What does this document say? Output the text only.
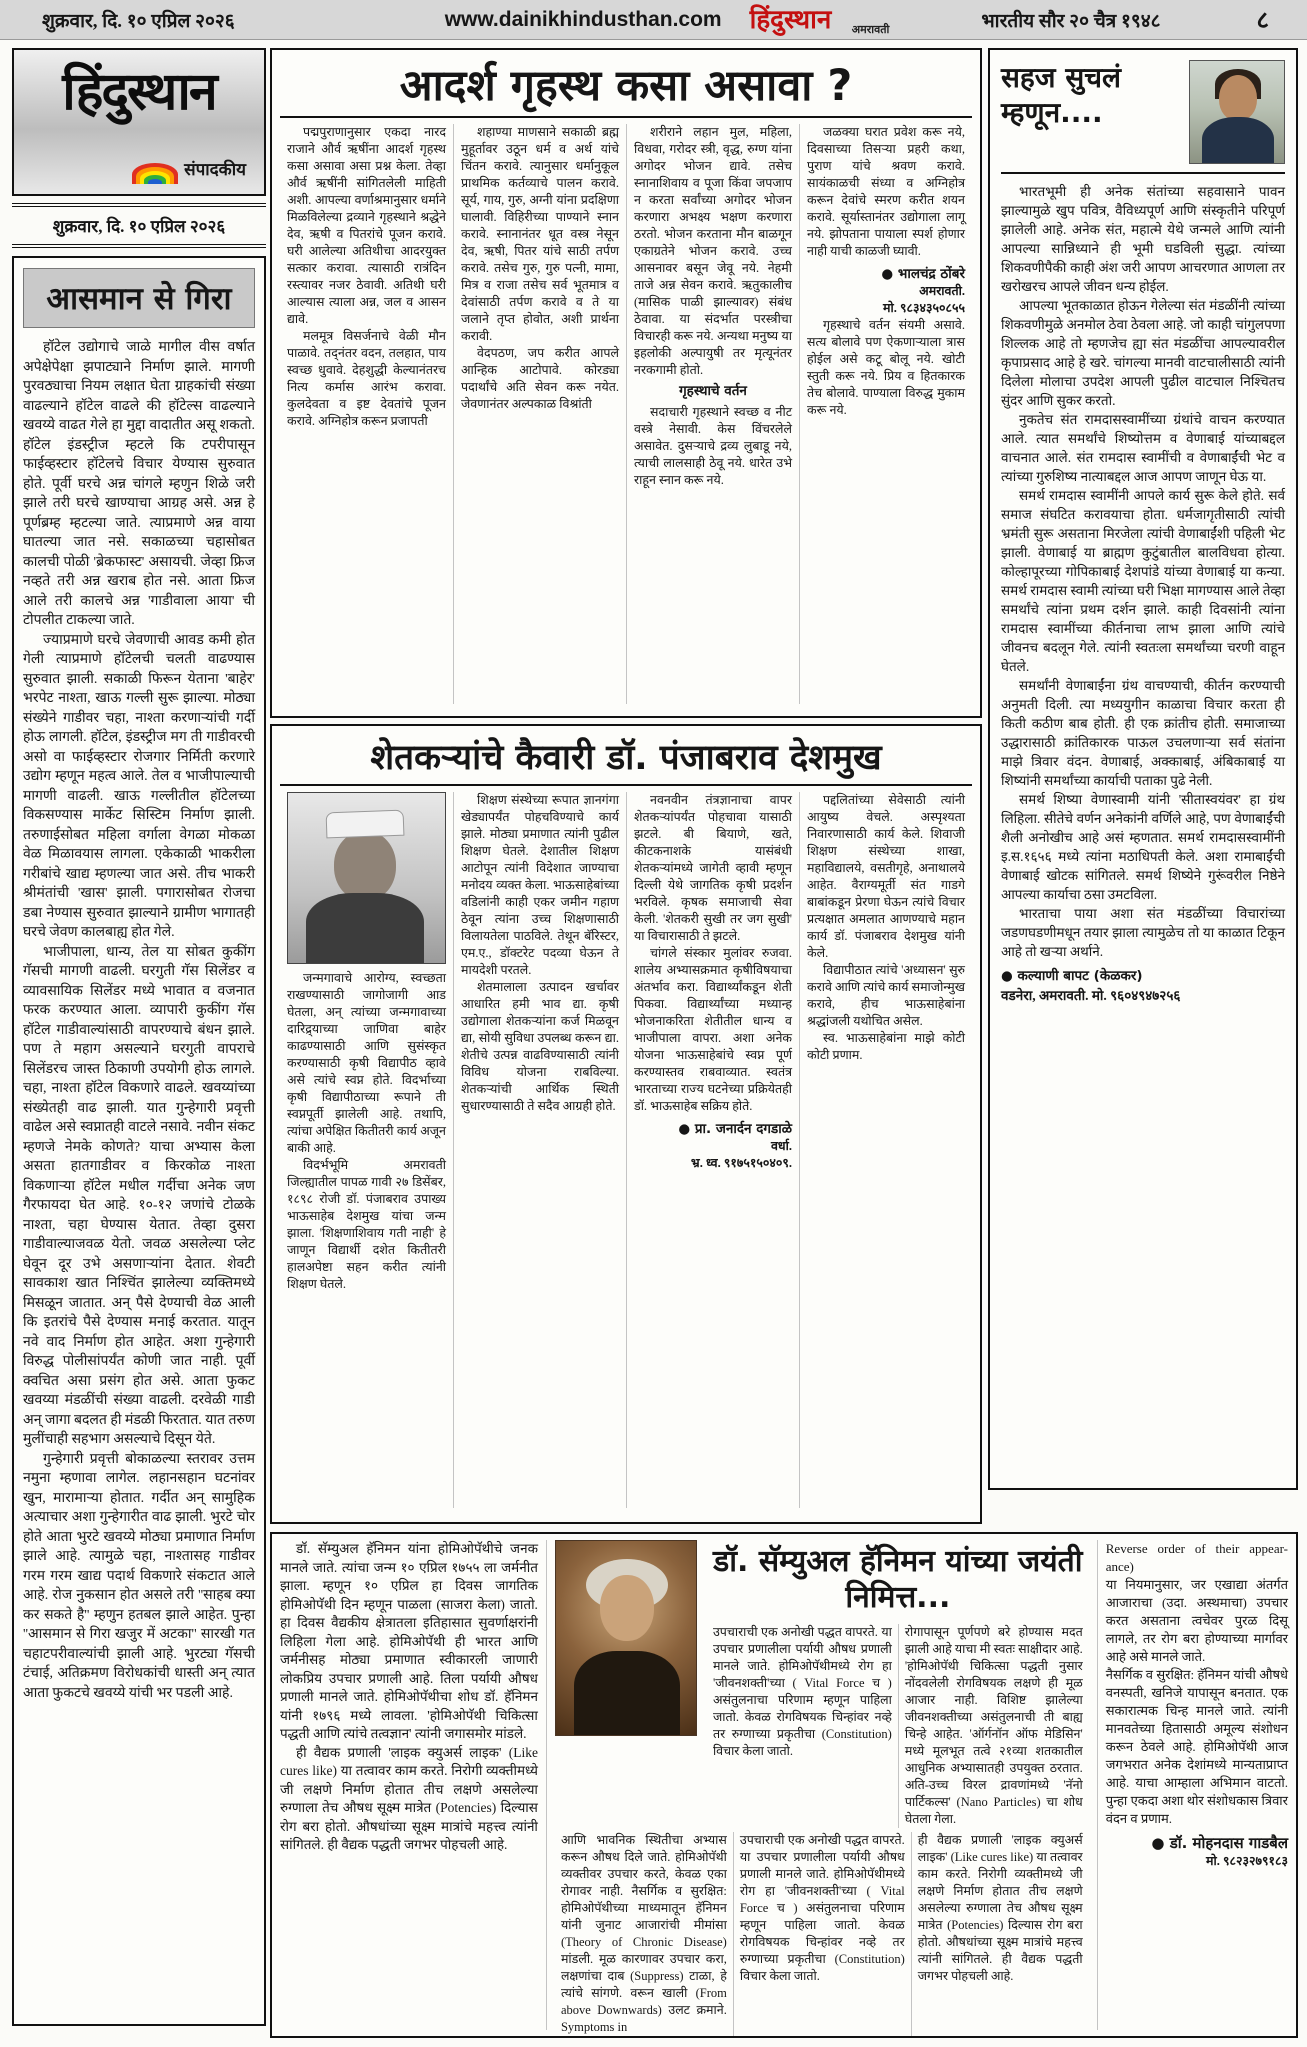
शुक्रवार, दि. १० एप्रिल २०२६	www.dainikhindusthan.com हिंदुस्थान अमरावती	भारतीय सौर २० चैत्र १९४८	८
हिंदुस्थान
संपादकीय
शुक्रवार, दि. १० एप्रिल २०२६
आसमान से गिरा

हॉटेल उद्योगाचे जाळे मागील वीस वर्षात अपेक्षेपेक्षा झपाट्याने निर्माण झाले. मागणी पुरवठ्याचा नियम लक्षात घेता ग्राहकांची संख्या वाढल्याने हॉटेल वाढले की हॉटेल्स वाढल्याने खवय्ये वाढत गेले हा मुद्दा वादातीत असू शकतो. हॉटेल इंडस्ट्रीज म्हटले कि टपरीपासून फाईव्हस्टार हॉटेलचे विचार येण्यास सुरुवात होते. पूर्वी घरचे अन्न चांगले म्हणुन शिळे जरी झाले तरी घरचे खाण्याचा आग्रह असे. अन्न हे पूर्णब्रम्ह म्हटल्या जाते. त्याप्रमाणे अन्न वाया घातल्या जात नसे. सकाळच्या चहासोबत कालची पोळी 'ब्रेकफास्ट' असायची. जेव्हा फ्रिज नव्हते तरी अन्न खराब होत नसे. आता फ्रिज आले तरी कालचे अन्न 'गाडीवाला आया' ची टोपलीत टाकल्या जाते.

ज्याप्रमाणे घरचे जेवणाची आवड कमी होत गेली त्याप्रमाणे हॉटेलची चलती वाढण्यास सुरुवात झाली. सकाळी फिरून येताना 'बाहेर' भरपेट नाश्ता, खाऊ गल्ली सुरू झाल्या. मोठ्या संख्येने गाडीवर चहा, नाश्ता करणाऱ्यांची गर्दी होऊ लागली. हॉटेल, इंडस्ट्रीज मग ती गाडीवरची असो वा फाईव्हस्टार रोजगार निर्मिती करणारे उद्योग म्हणून महत्व आले. तेल व भाजीपाल्याची मागणी वाढली. खाऊ गल्लीतील हॉटेलच्या विकसण्यास मार्केट सिस्टिम निर्माण झाली. तरुणाईसोबत महिला वर्गाला वेगळा मोकळा वेळ मिळावयास लागला. एकेकाळी भाकरीला गरीबांचे खाद्य म्हणल्या जात असे. तीच भाकरी श्रीमंतांची 'खास' झाली. पगारासोबत रोजचा डबा नेण्यास सुरुवात झाल्याने ग्रामीण भागातही घरचे जेवण कालबाह्य होत गेले.

भाजीपाला, धान्य, तेल या सोबत कुकींग गॅसची मागणी वाढली. घरगुती गॅस सिलेंडर व व्यावसायिक सिलेंडर मध्ये भावात व वजनात फरक करण्यात आला. व्यापारी कुकींग गॅस हॉटेल गाडीवाल्यांसाठी वापरण्याचे बंधन झाले. पण ते महाग असल्याने घरगुती वापराचे सिलेंडरच जास्त ठिकाणी उपयोगी होऊ लागले. चहा, नाश्ता हॉटेल विकणारे वाढले. खवय्यांच्या संख्येतही वाढ झाली. यात गुन्हेगारी प्रवृत्ती वाढेल असे स्वप्नातही वाटले नसावे. नवीन संकट म्हणजे नेमके कोणते? याचा अभ्यास केला असता हातगाडीवर व किरकोळ नाश्ता विकणाऱ्या हॉटेल मधील गर्दीचा अनेक जण गैरफायदा घेत आहे. १०-१२ जणांचे टोळके नाश्ता, चहा घेण्यास येतात. तेव्हा दुसरा गाडीवाल्याजवळ येतो. जवळ असलेल्या प्लेट घेवून दूर उभे असणाऱ्यांना देतात. शेवटी सावकाश खात निश्चिंत झालेल्या व्यक्तिमध्ये मिसळून जातात. अन् पैसे देण्याची वेळ आली कि इतरांचे पैसे देण्यास मनाई करतात. यातून नवे वाद निर्माण होत आहेत. अशा गुन्हेगारी विरुद्ध पोलीसांपर्यंत कोणी जात नाही. पूर्वी क्वचित असा प्रसंग होत असे. आता फुकट खवय्या मंडळींची संख्या वाढली. दरवेळी गाडी अन् जागा बदलत ही मंडळी फिरतात. यात तरुण मुलींचाही सहभाग असल्याचे दिसून येते.

गुन्हेगारी प्रवृत्ती बोकाळल्या स्तरावर उत्तम नमुना म्हणावा लागेल. लहानसहान घटनांवर खुन, मारामाऱ्या होतात. गर्दीत अन् सामुहिक अत्याचार अशा गुन्हेगारीत वाढ झाली. भुरटे चोर होते आता भुरटे खवय्ये मोठ्या प्रमाणात निर्माण झाले आहे. त्यामुळे चहा, नाश्तासह गाडीवर गरम गरम खाद्य पदार्थ विकणारे संकटात आले आहे. रोज नुकसान होत असले तरी ''साहब क्या कर सकते है'' म्हणुन हतबल झाले आहेत. पुन्हा ''आसमान से गिरा खजुर में अटका'' सारखी गत चहाटपरीवाल्यांची झाली आहे. भुरट्या गॅसची टंचाई, अतिक्रमण विरोधकांची धास्ती अन् त्यात आता फुकटचे खवय्ये यांची भर पडली आहे.

आदर्श गृहस्थ कसा असावा ?

पद्मपुराणानुसार एकदा नारद राजाने और्व ऋषींना आदर्श गृहस्थ कसा असावा असा प्रश्न केला. तेव्हा और्व ऋषींनी सांगितलेली माहिती अशी. आपल्या वर्णाश्रमानुसार धर्माने मिळविलेल्या द्रव्याने गृहस्थाने श्रद्धेने देव, ऋषी व पितरांचे पूजन करावे. घरी आलेल्या अतिथीचा आदरयुक्त सत्कार करावा. त्यासाठी रात्रंदिन रस्त्यावर नजर ठेवावी. अतिथी घरी आल्यास त्याला अन्न, जल व आसन द्यावे.

मलमूत्र विसर्जनाचे वेळी मौन पाळावे. तद्नंतर वदन, तलहात, पाय स्वच्छ धुवावे. देहशुद्धी केल्यानंतरच नित्य कर्मास आरंभ करावा. कुलदेवता व इष्ट देवतांचे पूजन करावे. अग्निहोत्र करून प्रजापती

शहाण्या माणसाने सकाळी ब्रह्म मुहूर्तावर उठून धर्म व अर्थ यांचे चिंतन करावे. त्यानुसार धर्मानुकूल प्राथमिक कर्तव्याचे पालन करावे. सूर्य, गाय, गुरु, अग्नी यांना प्रदक्षिणा घालावी. विहिरीच्या पाण्याने स्नान करावे. स्नानानंतर धूत वस्त्र नेसून देव, ऋषी, पितर यांचे साठी तर्पण करावे. तसेच गुरु, गुरु पत्नी, मामा, मित्र व राजा तसेच सर्व भूतमात्र व देवांसाठी तर्पण करावे व ते या जलाने तृप्त होवोत, अशी प्रार्थना करावी.

वेदपठण, जप करीत आपले आन्हिक आटोपावे. कोरड्या पदार्थांचे अति सेवन करू नयेत. जेवणानंतर अल्पकाळ विश्रांती

शरीराने लहान मुल, महिला, विधवा, गरोदर स्त्री, वृद्ध, रुग्ण यांना अगोदर भोजन द्यावे. तसेच स्नानाशिवाय व पूजा किंवा जपजाप न करता सर्वांच्या अगोदर भोजन करणारा अभक्ष्य भक्षण करणारा ठरतो. भोजन करताना मौन बाळगून एकाग्रतेने भोजन करावे. उच्च आसनावर बसून जेवू नये. नेहमी ताजे अन्न सेवन करावे. ऋतुकालीच (मासिक पाळी झाल्यावर) संबंध ठेवावा. या संदर्भात परस्त्रीचा विचारही करू नये. अन्यथा मनुष्य या इहलोकी अल्पायुषी तर मृत्यूनंतर नरकगामी होतो.

गृहस्थाचे वर्तन

सदाचारी गृहस्थाने स्वच्छ व नीट वस्त्रे नेसावी. केस विंचरलेले असावेत. दुसऱ्याचे द्रव्य लुबाडू नये, त्याची लालसाही ठेवू नये. धारेत उभे राहून स्नान करू नये.

जळक्या घरात प्रवेश करू नये, दिवसाच्या तिसऱ्या प्रहरी कथा, पुराण यांचे श्रवण करावे. सायंकाळची संध्या व अग्निहोत्र करून देवांचे स्मरण करीत शयन करावे. सूर्यास्तानंतर उद्योगाला लागू नये. झोपताना पायाला स्पर्श होणार नाही याची काळजी घ्यावी.

● भालचंद्र ठोंबरे

अमरावती.

मो. ९८३४३५०८५५

गृहस्थाचे वर्तन संयमी असावे. सत्य बोलावे पण ऐकणाऱ्याला त्रास होईल असे कटू बोलू नये. खोटी स्तुती करू नये. प्रिय व हितकारक तेच बोलावे. पाण्याला विरुद्ध मुकाम करू नये.

सहज सुचलं
म्हणून....

भारतभूमी ही अनेक संतांच्या सहवासाने पावन झाल्यामुळे खुप पवित्र, वैविध्यपूर्ण आणि संस्कृतीने परिपूर्ण झालेली आहे. अनेक संत, महात्मे येथे जन्मले आणि त्यांनी आपल्या सान्निध्याने ही भूमी घडविली सुद्धा. त्यांच्या शिकवणीपैकी काही अंश जरी आपण आचरणात आणला तर खरोखरच आपले जीवन धन्य होईल.

आपल्या भूतकाळात होऊन गेलेल्या संत मंडळींनी त्यांच्या शिकवणीमुळे अनमोल ठेवा ठेवला आहे. जो काही चांगुलपणा शिल्लक आहे तो म्हणजेच ह्या संत मंडळींचा आपल्यावरील कृपाप्रसाद आहे हे खरे. चांगल्या मानवी वाटचालीसाठी त्यांनी दिलेला मोलाचा उपदेश आपली पुढील वाटचाल निश्चितच सुंदर आणि सुकर करतो.

नुकतेच संत रामदासस्वामींच्या ग्रंथांचे वाचन करण्यात आले. त्यात समर्थांचे शिष्योत्तम व वेणाबाई यांच्याबद्दल वाचनात आले. संत रामदास स्वामींची व वेणाबाईंची भेट व त्यांच्या गुरुशिष्य नात्याबद्दल आज आपण जाणून घेऊ या.

समर्थ रामदास स्वामींनी आपले कार्य सुरू केले होते. सर्व समाज संघटित करावयाचा होता. धर्मजागृतीसाठी त्यांची भ्रमंती सुरू असताना मिरजेला त्यांची वेणाबाईंशी पहिली भेट झाली. वेणाबाई या ब्राह्मण कुटुंबातील बालविधवा होत्या. कोल्हापूरच्या गोपिकाबाई देशपांडे यांच्या वेणाबाई या कन्या. समर्थ रामदास स्वामी त्यांच्या घरी भिक्षा मागण्यास आले तेव्हा समर्थांचे त्यांना प्रथम दर्शन झाले. काही दिवसांनी त्यांना रामदास स्वामींच्या कीर्तनाचा लाभ झाला आणि त्यांचे जीवनच बदलून गेले. त्यांनी स्वतःला समर्थांच्या चरणी वाहून घेतले.

समर्थांनी वेणाबाईंना ग्रंथ वाचण्याची, कीर्तन करण्याची अनुमती दिली. त्या मध्ययुगीन काळाचा विचार करता ही किती कठीण बाब होती. ही एक क्रांतीच होती. समाजाच्या उद्धारासाठी क्रांतिकारक पाऊल उचलणाऱ्या सर्व संतांना माझे त्रिवार वंदन. वेणाबाई, अक्काबाई, अंबिकाबाई या शिष्यांनी समर्थांच्या कार्याची पताका पुढे नेली.

समर्थ शिष्या वेणास्वामी यांनी 'सीतास्वयंवर' हा ग्रंथ लिहिला. सीतेचे वर्णन अनेकांनी वर्णिले आहे, पण वेणाबाईंची शैली अनोखीच आहे असं म्हणतात. समर्थ रामदासस्वामींनी इ.स.१६५६ मध्ये त्यांना मठाधिपती केले. अशा रामाबाईंची वेणाबाई खोटक सांगितले. समर्थ शिष्येने गुरूंवरील निष्ठेने आपल्या कार्याचा ठसा उमटविला.

भारताचा पाया अशा संत मंडळींच्या विचारांच्या जडणघडणीमधून तयार झाला त्यामुळेच तो या काळात टिकून आहे तो खऱ्या अर्थाने.

● कल्याणी बापट (केळकर)

वडनेरा, अमरावती. मो. ९६०४९४७२५६

शेतकऱ्यांचे कैवारी डॉ. पंजाबराव देशमुख

जन्मगावाचे आरोग्य, स्वच्छता राखण्यासाठी जागोजागी आड घेतला, अन् त्यांच्या जन्मगावाच्या दारिद्र्याच्या जाणिवा बाहेर काढण्यासाठी आणि सुसंस्कृत करण्यासाठी कृषी विद्यापीठ व्हावे असे त्यांचे स्वप्न होते. विदर्भाच्या कृषी विद्यापीठाच्या रूपाने ती स्वप्नपूर्ती झालेली आहे. तथापि, त्यांचा अपेक्षित कितीतरी कार्य अजून बाकी आहे.

विदर्भभूमि अमरावती जिल्ह्यातील पापळ गावी २७ डिसेंबर, १८९८ रोजी डॉ. पंजाबराव उपाख्य भाऊसाहेब देशमुख यांचा जन्म झाला. 'शिक्षणाशिवाय गती नाही' हे जाणून विद्यार्थी दशेत कितीतरी हालअपेष्टा सहन करीत त्यांनी शिक्षण घेतले.

शिक्षण संस्थेच्या रूपात ज्ञानगंगा खेड्यापर्यंत पोहचविण्याचे कार्य झाले. मोठ्या प्रमाणात त्यांनी पुढील शिक्षण घेतले. देशातील शिक्षण आटोपून त्यांनी विदेशात जाण्याचा मनोदय व्यक्त केला. भाऊसाहेबांच्या वडिलांनी काही एकर जमीन गहाण ठेवून त्यांना उच्च शिक्षणासाठी विलायतेला पाठविले. तेथून बॅरिस्टर, एम.ए., डॉक्टरेट पदव्या घेऊन ते मायदेशी परतले.

शेतमालाला उत्पादन खर्चावर आधारित हमी भाव द्या. कृषी उद्योगाला शेतकऱ्यांना कर्ज मिळवून द्या, सोयी सुविधा उपलब्ध करून द्या. शेतीचे उत्पन्न वाढविण्यासाठी त्यांनी विविध योजना राबविल्या. शेतकऱ्यांची आर्थिक स्थिती सुधारण्यासाठी ते सदैव आग्रही होते.

नवनवीन तंत्रज्ञानाचा वापर शेतकऱ्यांपर्यंत पोहचावा यासाठी झटले. बी बियाणे, खते, कीटकनाशके यासंबंधी शेतकऱ्यांमध्ये जागेती व्हावी म्हणून दिल्ली येथे जागतिक कृषी प्रदर्शन भरविले. कृषक समाजाची सेवा केली. 'शेतकरी सुखी तर जग सुखी' या विचारासाठी ते झटले.

चांगले संस्कार मुलांवर रुजवा. शालेय अभ्यासक्रमात कृषीविषयाचा अंतर्भाव करा. विद्यार्थ्यांकडून शेती पिकवा. विद्यार्थ्यांच्या मध्यान्ह भोजनाकरिता शेतीतील धान्य व भाजीपाला वापरा. अशा अनेक योजना भाऊसाहेबांचे स्वप्न पूर्ण करण्यास्तव राबवाव्यात. स्वतंत्र भारताच्या राज्य घटनेच्या प्रक्रियेतही डॉ. भाऊसाहेब सक्रिय होते.

● प्रा. जनार्दन दगडाळे

वर्धा.

भ्र. ध्व. ९१७५१५०४०९.

पद्दलितांच्या सेवेसाठी त्यांनी आयुष्य वेचले. अस्पृश्यता निवारणासाठी कार्य केले. शिवाजी शिक्षण संस्थेच्या शाखा, महाविद्यालये, वसतीगृहे, अनाथालये आहेत. वैराग्यमूर्ती संत गाडगे बाबांकडून प्रेरणा घेऊन त्यांचे विचार प्रत्यक्षात अमलात आणण्याचे महान कार्य डॉ. पंजाबराव देशमुख यांनी केले.

विद्यापीठात त्यांचे 'अध्यासन' सुरु करावे आणि त्यांचे कार्य समाजोन्मुख करावे, हीच भाऊसाहेबांना श्रद्धांजली यथोचित असेल.

स्व. भाऊसाहेबांना माझे कोटी कोटी प्रणाम.

डॉ. सॅम्युअल हॅनिमन यांना होमिओपॅथीचे जनक मानले जाते. त्यांचा जन्म १० एप्रिल १७५५ ला जर्मनीत झाला. म्हणून १० एप्रिल हा दिवस जागतिक होमिओपॅथी दिन म्हणून पाळला (साजरा केला) जातो. हा दिवस वैद्यकीय क्षेत्रातला इतिहासात सुवर्णाक्षरांनी लिहिला गेला आहे. होमिओपॅथी ही भारत आणि जर्मनीसह मोठ्या प्रमाणात स्वीकारली जाणारी लोकप्रिय उपचार प्रणाली आहे. तिला पर्यायी औषध प्रणाली मानले जाते. होमिओपॅथीचा शोध डॉ. हॅनिमन यांनी १७९६ मध्ये लावला. 'होमिओपॅथी चिकित्सा पद्धती आणि त्यांचे तत्वज्ञान' त्यांनी जगासमोर मांडले.

ही वैद्यक प्रणाली 'लाइक क्युअर्स लाइक' (Like cures like) या तत्वावर काम करते. निरोगी व्यक्तीमध्ये जी लक्षणे निर्माण होतात तीच लक्षणे असलेल्या रुग्णाला तेच औषध सूक्ष्म मात्रेत (Potencies) दिल्यास रोग बरा होतो. औषधांच्या सूक्ष्म मात्रांचे महत्त्व त्यांनी सांगितले. ही वैद्यक पद्धती जगभर पोहचली आहे.

डॉ. सॅम्युअल हॅनिमन यांच्या जयंती निमित्त...

उपचाराची एक अनोखी पद्धत वापरते. या उपचार प्रणालीला पर्यायी औषध प्रणाली मानले जाते. होमिओपॅथीमध्ये रोग हा 'जीवनशक्ती'च्या ( Vital Force च ) असंतुलनाचा परिणाम म्हणून पाहिला जातो. केवळ रोगविषयक चिन्हांवर नव्हे तर रुग्णाच्या प्रकृतीचा (Constitution) विचार केला जातो.

रोगापासून पूर्णपणे बरे होण्यास मदत झाली आहे याचा मी स्वतः साक्षीदार आहे. 'होमिओपॅथी चिकित्सा पद्धती नुसार नोंदवलेली रोगविषयक लक्षणे ही मूळ आजार नाही. विशिष्ट झालेल्या जीवनशक्तीच्या असंतुलनाची ती बाह्य चिन्हे आहेत. 'ऑर्गनॉन ऑफ मेडिसिन' मध्ये मूलभूत तत्वे २१व्या शतकातील आधुनिक अभ्यासातही उपयुक्त ठरतात. अति-उच्च विरल द्रावणांमध्ये 'नॅनो पार्टिकल्स' (Nano Particles) चा शोध घेतला गेला.

आणि भावनिक स्थितीचा अभ्यास करून औषध दिले जाते. होमिओपॅथी व्यक्तीवर उपचार करते, केवळ एका रोगावर नाही. नैसर्गिक व सुरक्षित: होमिओपॅथीच्या माध्यमातून हॅनिमन यांनी जुनाट आजारांची मीमांसा (Theory of Chronic Disease) मांडली. मूळ कारणावर उपचार करा, लक्षणांचा दाब (Suppress) टाळा, हे त्यांचे सांगणे. वरून खाली (From above Downwards) उलट क्रमाने. Symptoms in

उपचाराची एक अनोखी पद्धत वापरते. या उपचार प्रणालीला पर्यायी औषध प्रणाली मानले जाते. होमिओपॅथीमध्ये रोग हा 'जीवनशक्ती'च्या ( Vital Force च ) असंतुलनाचा परिणाम म्हणून पाहिला जातो. केवळ रोगविषयक चिन्हांवर नव्हे तर रुग्णाच्या प्रकृतीचा (Constitution) विचार केला जातो.

ही वैद्यक प्रणाली 'लाइक क्युअर्स लाइक' (Like cures like) या तत्वावर काम करते. निरोगी व्यक्तीमध्ये जी लक्षणे निर्माण होतात तीच लक्षणे असलेल्या रुग्णाला तेच औषध सूक्ष्म मात्रेत (Potencies) दिल्यास रोग बरा होतो. औषधांच्या सूक्ष्म मात्रांचे महत्त्व त्यांनी सांगितले. ही वैद्यक पद्धती जगभर पोहचली आहे.

Reverse order of their appear-ance)

या नियमानुसार, जर एखाद्या अंतर्गत आजाराचा (उदा. अस्थमाचा) उपचार करत असताना त्वचेवर पुरळ दिसू लागले, तर रोग बरा होण्याच्या मार्गावर आहे असे मानले जाते.

नैसर्गिक व सुरक्षित: हॅनिमन यांची औषधे वनस्पती, खनिजे यापासून बनतात. एक सकारात्मक चिन्ह मानले जाते. त्यांनी मानवतेच्या हितासाठी अमूल्य संशोधन करून ठेवले आहे. होमिओपॅथी आज जगभरात अनेक देशांमध्ये मान्यताप्राप्त आहे. याचा आम्हाला अभिमान वाटतो. पुन्हा एकदा अशा थोर संशोधकास त्रिवार वंदन व प्रणाम.

● डॉ. मोहनदास गाडबैल

मो. ९८२३२७९१८३
